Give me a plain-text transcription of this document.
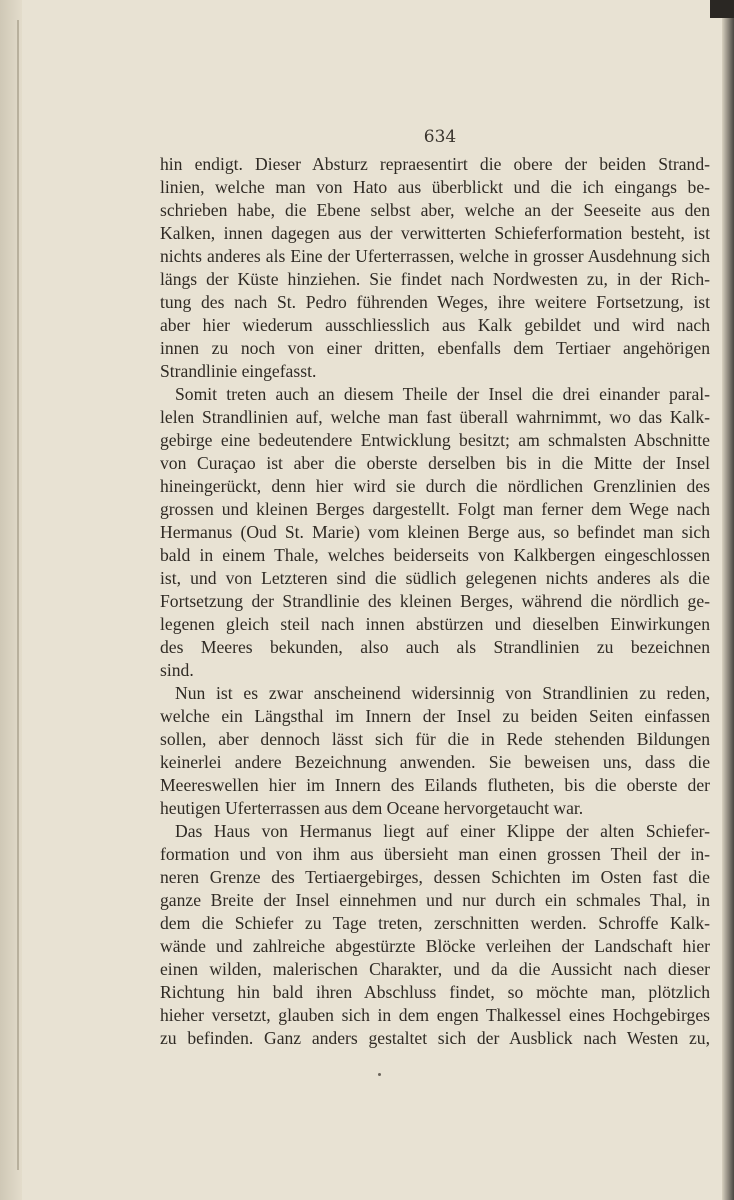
634
hin endigt. Dieser Absturz repraesentirt die obere der beiden Strand-
linien, welche man von Hato aus überblickt und die ich eingangs be-
schrieben habe, die Ebene selbst aber, welche an der Seeseite aus den
Kalken, innen dagegen aus der verwitterten Schieferformation besteht, ist
nichts anderes als Eine der Uferterrassen, welche in grosser Ausdehnung sich
längs der Küste hinziehen. Sie findet nach Nordwesten zu, in der Rich-
tung des nach St. Pedro führenden Weges, ihre weitere Fortsetzung, ist
aber hier wiederum ausschliesslich aus Kalk gebildet und wird nach
innen zu noch von einer dritten, ebenfalls dem Tertiaer angehörigen
Strandlinie eingefasst.
Somit treten auch an diesem Theile der Insel die drei einander paral-
lelen Strandlinien auf, welche man fast überall wahrnimmt, wo das Kalk-
gebirge eine bedeutendere Entwicklung besitzt; am schmalsten Abschnitte
von Curaçao ist aber die oberste derselben bis in die Mitte der Insel
hineingerückt, denn hier wird sie durch die nördlichen Grenzlinien des
grossen und kleinen Berges dargestellt. Folgt man ferner dem Wege nach
Hermanus (Oud St. Marie) vom kleinen Berge aus, so befindet man sich
bald in einem Thale, welches beiderseits von Kalkbergen eingeschlossen
ist, und von Letzteren sind die südlich gelegenen nichts anderes als die
Fortsetzung der Strandlinie des kleinen Berges, während die nördlich ge-
legenen gleich steil nach innen abstürzen und dieselben Einwirkungen
des Meeres bekunden, also auch als Strandlinien zu bezeichnen
sind.
Nun ist es zwar anscheinend widersinnig von Strandlinien zu reden,
welche ein Längsthal im Innern der Insel zu beiden Seiten einfassen
sollen, aber dennoch lässt sich für die in Rede stehenden Bildungen
keinerlei andere Bezeichnung anwenden. Sie beweisen uns, dass die
Meereswellen hier im Innern des Eilands flutheten, bis die oberste der
heutigen Uferterrassen aus dem Oceane hervorgetaucht war.
Das Haus von Hermanus liegt auf einer Klippe der alten Schiefer-
formation und von ihm aus übersieht man einen grossen Theil der in-
neren Grenze des Tertiaergebirges, dessen Schichten im Osten fast die
ganze Breite der Insel einnehmen und nur durch ein schmales Thal, in
dem die Schiefer zu Tage treten, zerschnitten werden. Schroffe Kalk-
wände und zahlreiche abgestürzte Blöcke verleihen der Landschaft hier
einen wilden, malerischen Charakter, und da die Aussicht nach dieser
Richtung hin bald ihren Abschluss findet, so möchte man, plötzlich
hieher versetzt, glauben sich in dem engen Thalkessel eines Hochgebirges
zu befinden. Ganz anders gestaltet sich der Ausblick nach Westen zu,
